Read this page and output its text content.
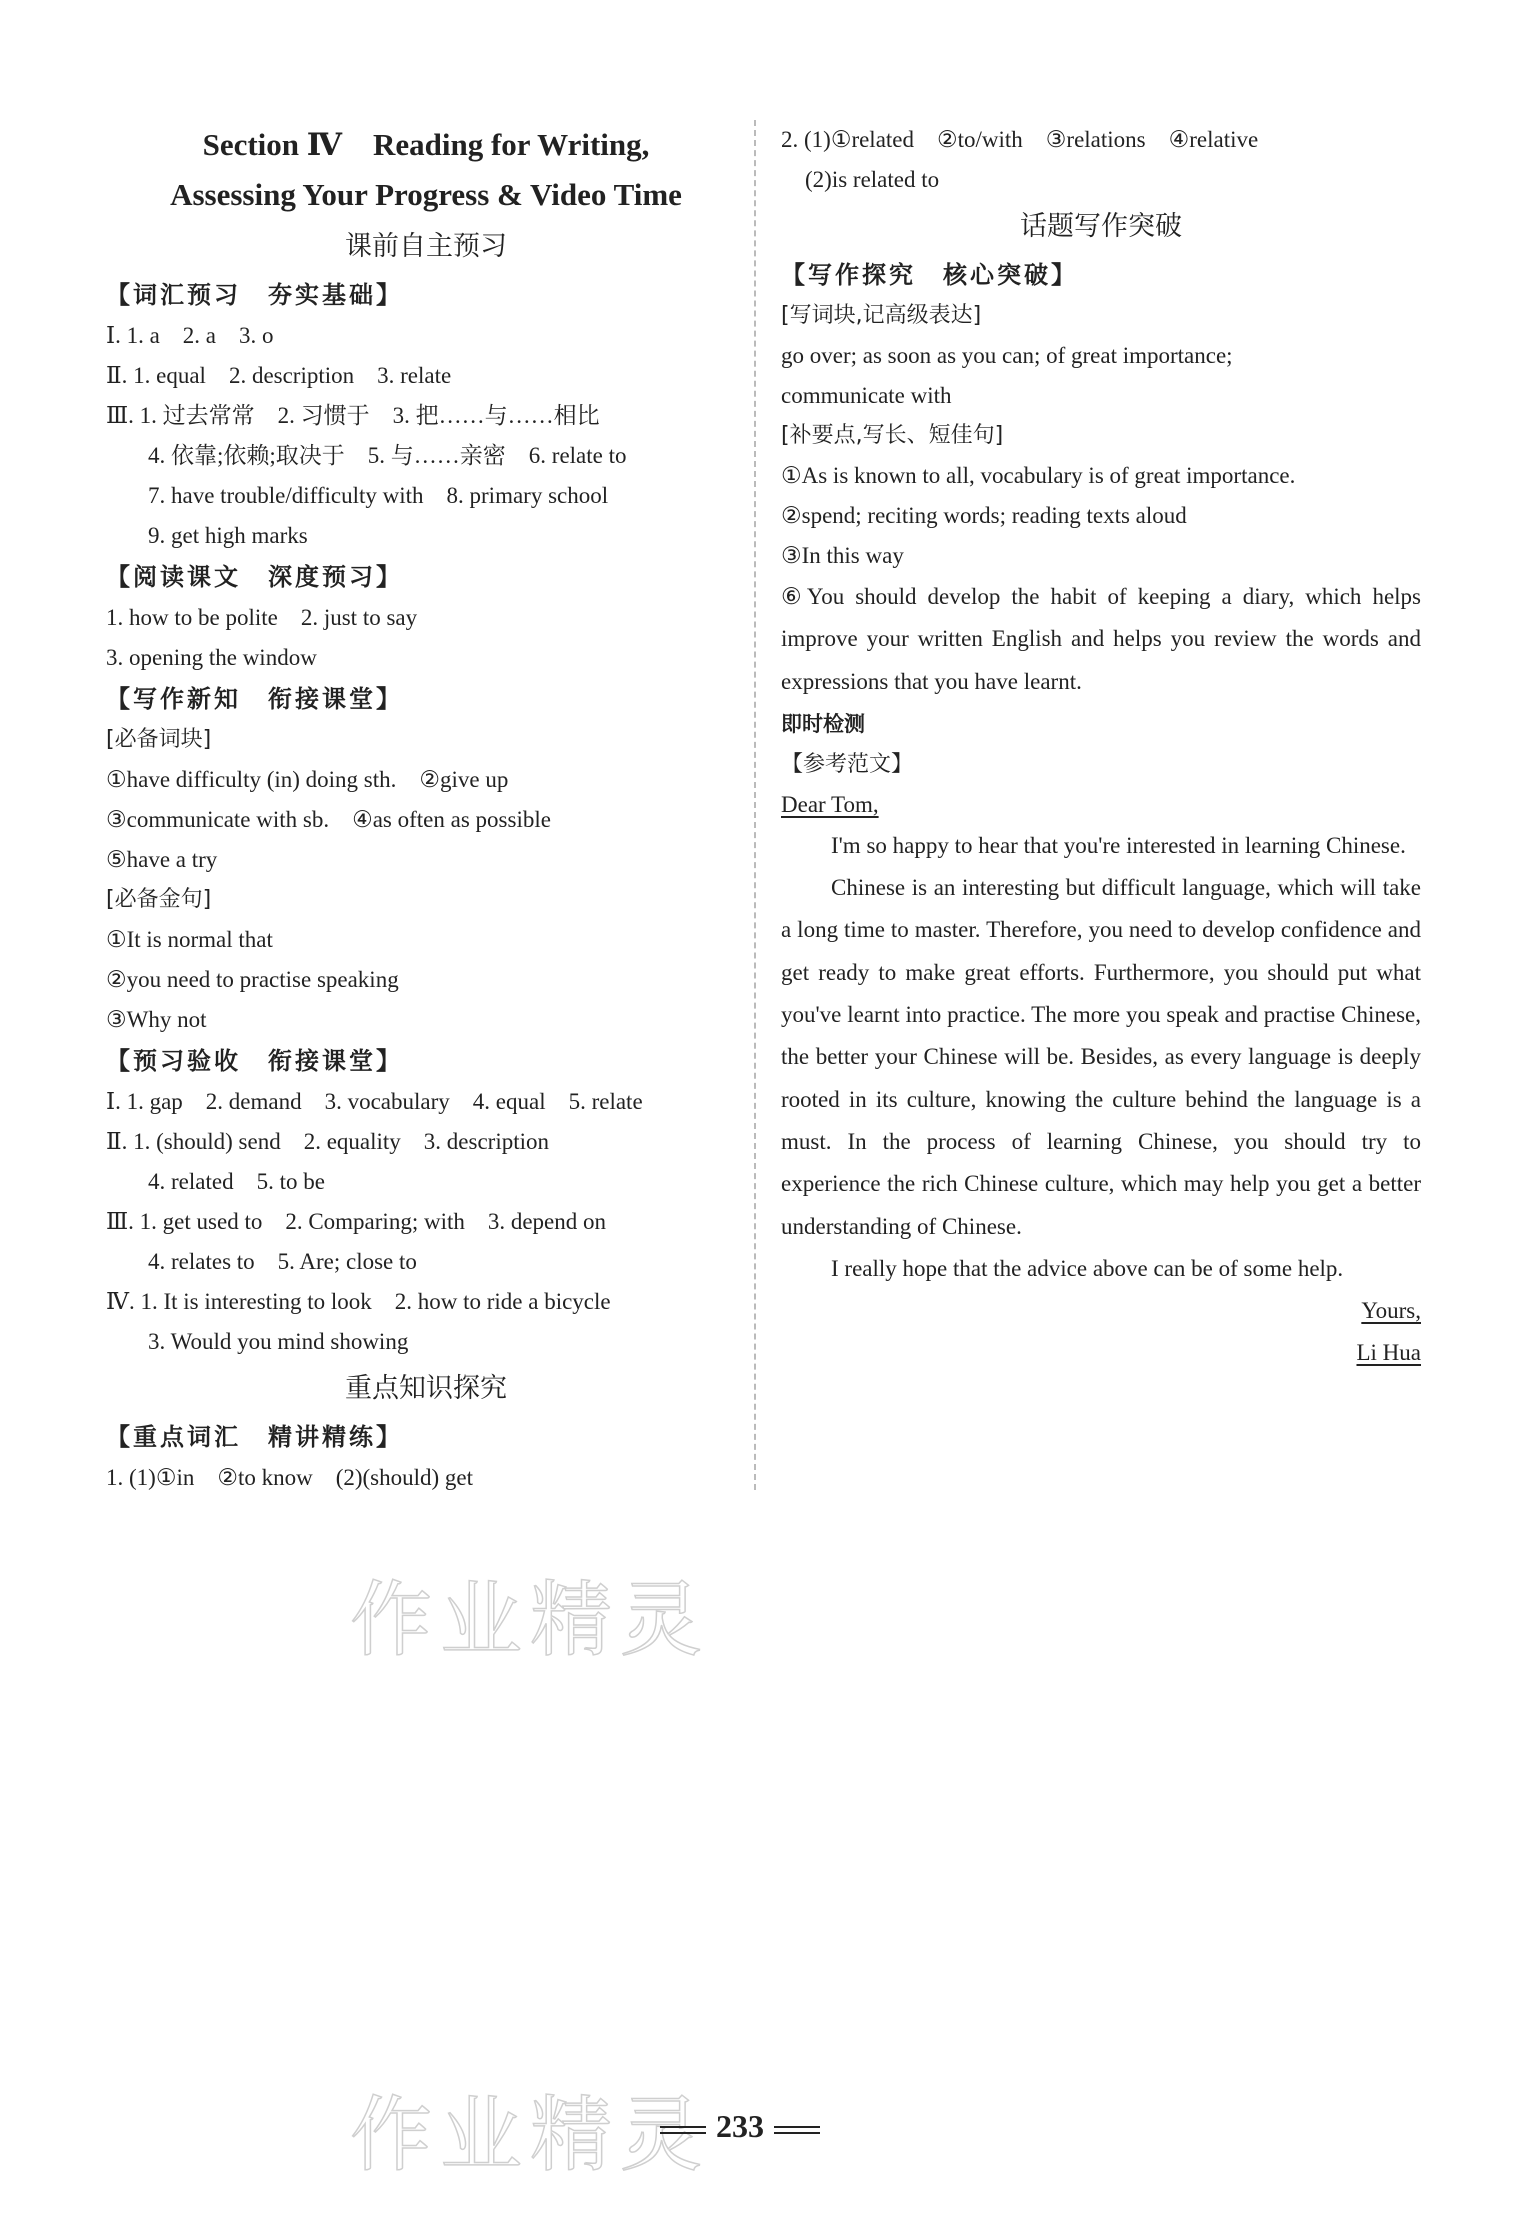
Section Ⅳ　Reading for Writing,
Assessing Your Progress & Video Time
课前自主预习
【词汇预习　夯实基础】
Ⅰ. 1. a　2. a　3. o
Ⅱ. 1. equal　2. description　3. relate
Ⅲ. 1. 过去常常　2. 习惯于　3. 把……与……相比
4. 依靠;依赖;取决于　5. 与……亲密　6. relate to
7. have trouble/difficulty with　8. primary school
9. get high marks
【阅读课文　深度预习】
1. how to be polite　2. just to say
3. opening the window
【写作新知　衔接课堂】
[必备词块]
①have difficulty (in) doing sth.　②give up
③communicate with sb.　④as often as possible
⑤have a try
[必备金句]
①It is normal that
②you need to practise speaking
③Why not
【预习验收　衔接课堂】
Ⅰ. 1. gap　2. demand　3. vocabulary　4. equal　5. relate
Ⅱ. 1. (should) send　2. equality　3. description
4. related　5. to be
Ⅲ. 1. get used to　2. Comparing; with　3. depend on
4. relates to　5. Are; close to
Ⅳ. 1. It is interesting to look　2. how to ride a bicycle
3. Would you mind showing
重点知识探究
【重点词汇　精讲精练】
1. (1)①in　②to know　(2)(should) get
2. (1)①related　②to/with　③relations　④relative
(2)is related to
话题写作突破
【写作探究　核心突破】
[写词块,记高级表达]
go over; as soon as you can; of great importance;
communicate with
[补要点,写长、短佳句]
①As is known to all, vocabulary is of great importance.
②spend; reciting words; reading texts aloud
③In this way

⑥You should develop the habit of keeping a diary, which helps improve your written English and helps you review the words and expressions that you have learnt.

即时检测
【参考范文】
Dear Tom,

I'm so happy to hear that you're interested in learning Chinese.

Chinese is an interesting but difficult language, which will take a long time to master. Therefore, you need to develop confidence and get ready to make great efforts. Furthermore, you should put what you've learnt into practice. The more you speak and practise Chinese, the better your Chinese will be. Besides, as every language is deeply rooted in its culture, knowing the culture behind the language is a must. In the process of learning Chinese, you should try to experience the rich Chinese culture, which may help you get a better understanding of Chinese.

I really hope that the advice above can be of some help.

Yours,
Li Hua
作业精灵
作业精灵 233
